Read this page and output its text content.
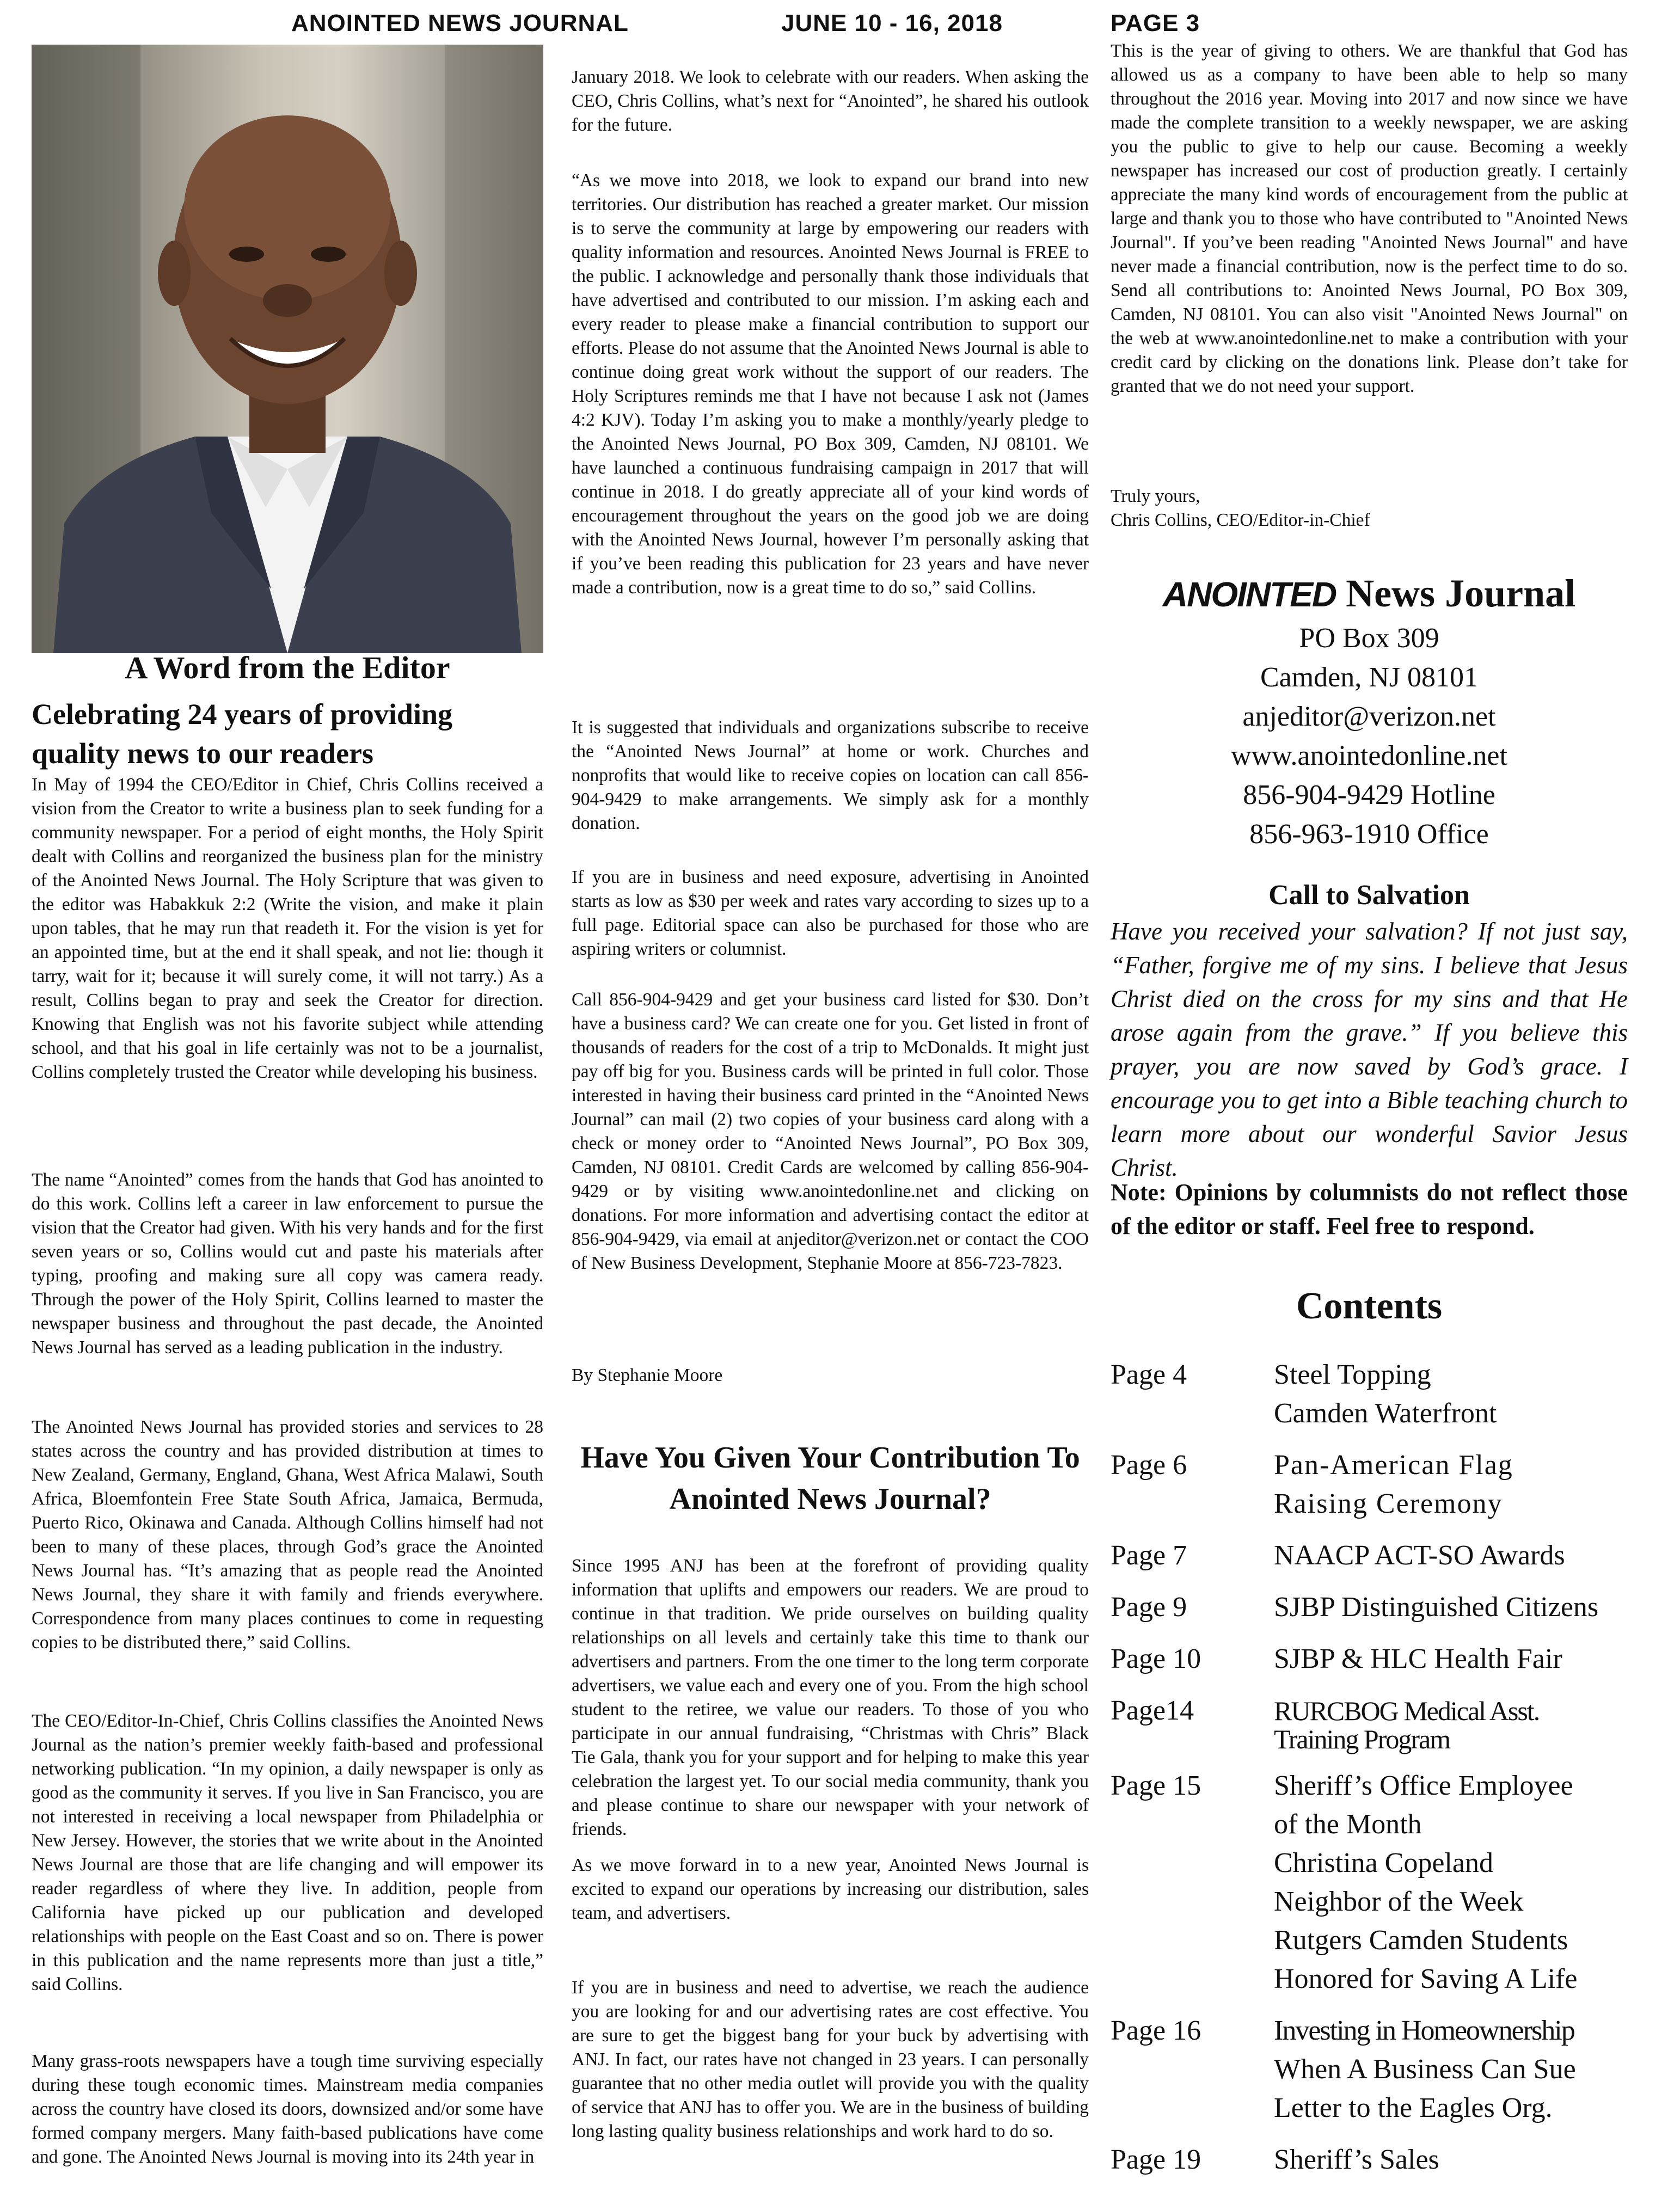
ANOINTED NEWS JOURNAL	JUNE 10 - 16, 2018	PAGE 3
A Word from the Editor
Celebrating 24 years of providing quality news to our readers

In May of 1994 the CEO/Editor in Chief, Chris Collins received a vision from the Creator to write a business plan to seek funding for a community newspaper. For a period of eight months, the Holy Spirit dealt with Collins and reorganized the business plan for the ministry of the Anointed News Journal. The Holy Scripture that was given to the editor was Habakkuk 2:2 (Write the vision, and make it plain upon tables, that he may run that readeth it. For the vision is yet for an appointed time, but at the end it shall speak, and not lie: though it tarry, wait for it; because it will surely come, it will not tarry.) As a result, Collins began to pray and seek the Creator for direction. Knowing that English was not his favorite subject while attending school, and that his goal in life certainly was not to be a journalist, Collins completely trusted the Creator while developing his business.

The name “Anointed” comes from the hands that God has anointed to do this work. Collins left a career in law enforcement to pursue the vision that the Creator had given. With his very hands and for the first seven years or so, Collins would cut and paste his materials after typing, proofing and making sure all copy was camera ready. Through the power of the Holy Spirit, Collins learned to master the newspaper business and throughout the past decade, the Anointed News Journal has served as a leading publication in the industry.

The Anointed News Journal has provided stories and services to 28 states across the country and has provided distribution at times to New Zealand, Germany, England, Ghana, West Africa Malawi, South Africa, Bloemfontein Free State South Africa, Jamaica, Bermuda, Puerto Rico, Okinawa and Canada. Although Collins himself had not been to many of these places, through God’s grace the Anointed News Journal has. “It’s amazing that as people read the Anointed News Journal, they share it with family and friends everywhere. Correspondence from many places continues to come in requesting copies to be distributed there,” said Collins.

The CEO/Editor-In-Chief, Chris Collins classifies the Anointed News Journal as the nation’s premier weekly faith-based and professional networking publication. “In my opinion, a daily newspaper is only as good as the community it serves. If you live in San Francisco, you are not interested in receiving a local newspaper from Philadelphia or New Jersey. However, the stories that we write about in the Anointed News Journal are those that are life changing and will empower its reader regardless of where they live. In addition, people from California have picked up our publication and developed relationships with people on the East Coast and so on. There is power in this publication and the name represents more than just a title,” said Collins.

Many grass-roots newspapers have a tough time surviving especially during these tough economic times. Mainstream media companies across the country have closed its doors, downsized and/or some have formed company mergers. Many faith-based publications have come and gone. The Anointed News Journal is moving into its 24th year in

January 2018. We look to celebrate with our readers. When asking the CEO, Chris Collins, what’s next for “Anointed”, he shared his outlook for the future.

“As we move into 2018, we look to expand our brand into new territories. Our distribution has reached a greater market. Our mission is to serve the community at large by empowering our readers with quality information and resources. Anointed News Journal is FREE to the public. I acknowledge and personally thank those individuals that have advertised and contributed to our mission. I’m asking each and every reader to please make a financial contribution to support our efforts. Please do not assume that the Anointed News Journal is able to continue doing great work without the support of our readers. The Holy Scriptures reminds me that I have not because I ask not (James 4:2 KJV). Today I’m asking you to make a monthly/yearly pledge to the Anointed News Journal, PO Box 309, Camden, NJ 08101. We have launched a continuous fundraising campaign in 2017 that will continue in 2018. I do greatly appreciate all of your kind words of encouragement throughout the years on the good job we are doing with the Anointed News Journal, however I’m personally asking that if you’ve been reading this publication for 23 years and have never made a contribution, now is a great time to do so,” said Collins.

It is suggested that individuals and organizations subscribe to receive the “Anointed News Journal” at home or work. Churches and nonprofits that would like to receive copies on location can call 856-904-9429 to make arrangements. We simply ask for a monthly donation.

If you are in business and need exposure, advertising in Anointed starts as low as $30 per week and rates vary according to sizes up to a full page. Editorial space can also be purchased for those who are aspiring writers or columnist.

Call 856-904-9429 and get your business card listed for $30. Don’t have a business card? We can create one for you. Get listed in front of thousands of readers for the cost of a trip to McDonalds. It might just pay off big for you. Business cards will be printed in full color. Those interested in having their business card printed in the “Anointed News Journal” can mail (2) two copies of your business card along with a check or money order to “Anointed News Journal”, PO Box 309, Camden, NJ 08101. Credit Cards are welcomed by calling 856-904-9429 or by visiting www.anointedonline.net and clicking on donations. For more information and advertising contact the editor at 856-904-9429, via email at anjeditor@verizon.net or contact the COO of New Business Development, Stephanie Moore at 856-723-7823.

By Stephanie Moore

Have You Given Your Contribution To Anointed News Journal?

Since 1995 ANJ has been at the forefront of providing quality information that uplifts and empowers our readers. We are proud to continue in that tradition. We pride ourselves on building quality relationships on all levels and certainly take this time to thank our advertisers and partners. From the one timer to the long term corporate advertisers, we value each and every one of you. From the high school student to the retiree, we value our readers. To those of you who participate in our annual fundraising, “Christmas with Chris” Black Tie Gala, thank you for your support and for helping to make this year celebration the largest yet. To our social media community, thank you and please continue to share our newspaper with your network of friends.

As we move forward in to a new year, Anointed News Journal is excited to expand our operations by increasing our distribution, sales team, and advertisers.

If you are in business and need to advertise, we reach the audience you are looking for and our advertising rates are cost effective. You are sure to get the biggest bang for your buck by advertising with ANJ. In fact, our rates have not changed in 23 years. I can personally guarantee that no other media outlet will provide you with the quality of service that ANJ has to offer you. We are in the business of building long lasting quality business relationships and work hard to do so.

This is the year of giving to others. We are thankful that God has allowed us as a company to have been able to help so many throughout the 2016 year. Moving into 2017 and now since we have made the complete transition to a weekly newspaper, we are asking you the public to give to help our cause. Becoming a weekly newspaper has increased our cost of production greatly. I certainly appreciate the many kind words of encouragement from the public at large and thank you to those who have contributed to "Anointed News Journal". If you’ve been reading "Anointed News Journal" and have never made a financial contribution, now is the perfect time to do so. Send all contributions to: Anointed News Journal, PO Box 309, Camden, NJ 08101. You can also visit "Anointed News Journal" on the web at www.anointedonline.net to make a contribution with your credit card by clicking on the donations link. Please don’t take for granted that we do not need your support.

Truly yours,

Chris Collins, CEO/Editor-in-Chief

ANOINTED News Journal
PO Box 309
Camden, NJ 08101
anjeditor@verizon.net
www.anointedonline.net
856-904-9429 Hotline
856-963-1910 Office
Call to Salvation

Have you received your salvation? If not just say, “Father, forgive me of my sins. I believe that Jesus Christ died on the cross for my sins and that He arose again from the grave.” If you believe this prayer, you are now saved by God’s grace. I encourage you to get into a Bible teaching church to learn more about our wonderful Savior Jesus Christ.

Note: Opinions by columnists do not reflect those of the editor or staff. Feel free to respond.

Contents
Page 4	Steel Topping
Camden Waterfront
Page 6	Pan-American Flag
Raising Ceremony
Page 7	NAACP ACT-SO Awards
Page 9	SJBP Distinguished Citizens
Page 10	SJBP & HLC Health Fair
Page14	RURCBOG Medical Asst.
Training Program
Page 15	Sheriff’s Office Employee
of the Month
Christina Copeland
Neighbor of the Week
Rutgers Camden Students
Honored for Saving A Life
Page 16	Investing in Homeownership
When A Business Can Sue
Letter to the Eagles Org.
Page 19	Sheriff’s Sales
